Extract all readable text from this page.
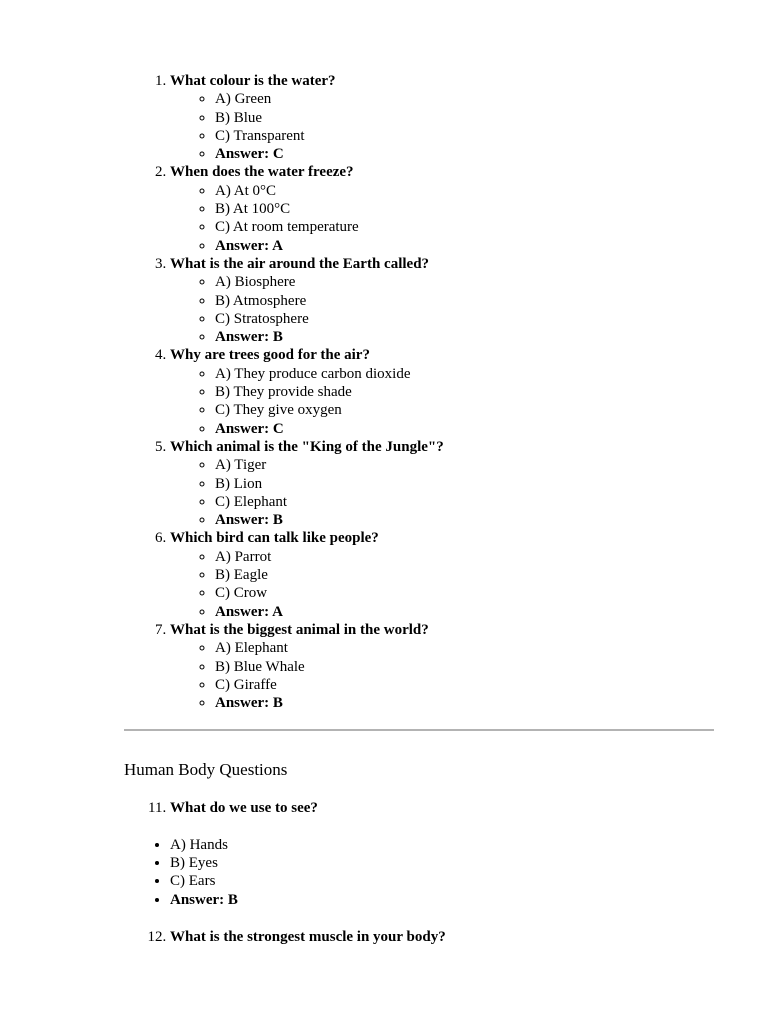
1. What colour is the water?
◦ A) Green
◦ B) Blue
◦ C) Transparent
◦ Answer: C
2. When does the water freeze?
◦ A) At 0°C
◦ B) At 100°C
◦ C) At room temperature
◦ Answer: A
3. What is the air around the Earth called?
◦ A) Biosphere
◦ B) Atmosphere
◦ C) Stratosphere
◦ Answer: B
4. Why are trees good for the air?
◦ A) They produce carbon dioxide
◦ B) They provide shade
◦ C) They give oxygen
◦ Answer: C
5. Which animal is the "King of the Jungle"?
◦ A) Tiger
◦ B) Lion
◦ C) Elephant
◦ Answer: B
6. Which bird can talk like people?
◦ A) Parrot
◦ B) Eagle
◦ C) Crow
◦ Answer: A
7. What is the biggest animal in the world?
◦ A) Elephant
◦ B) Blue Whale
◦ C) Giraffe
◦ Answer: B
Human Body Questions
11. What do we use to see?
• A) Hands
• B) Eyes
• C) Ears
• Answer: B
12. What is the strongest muscle in your body?
